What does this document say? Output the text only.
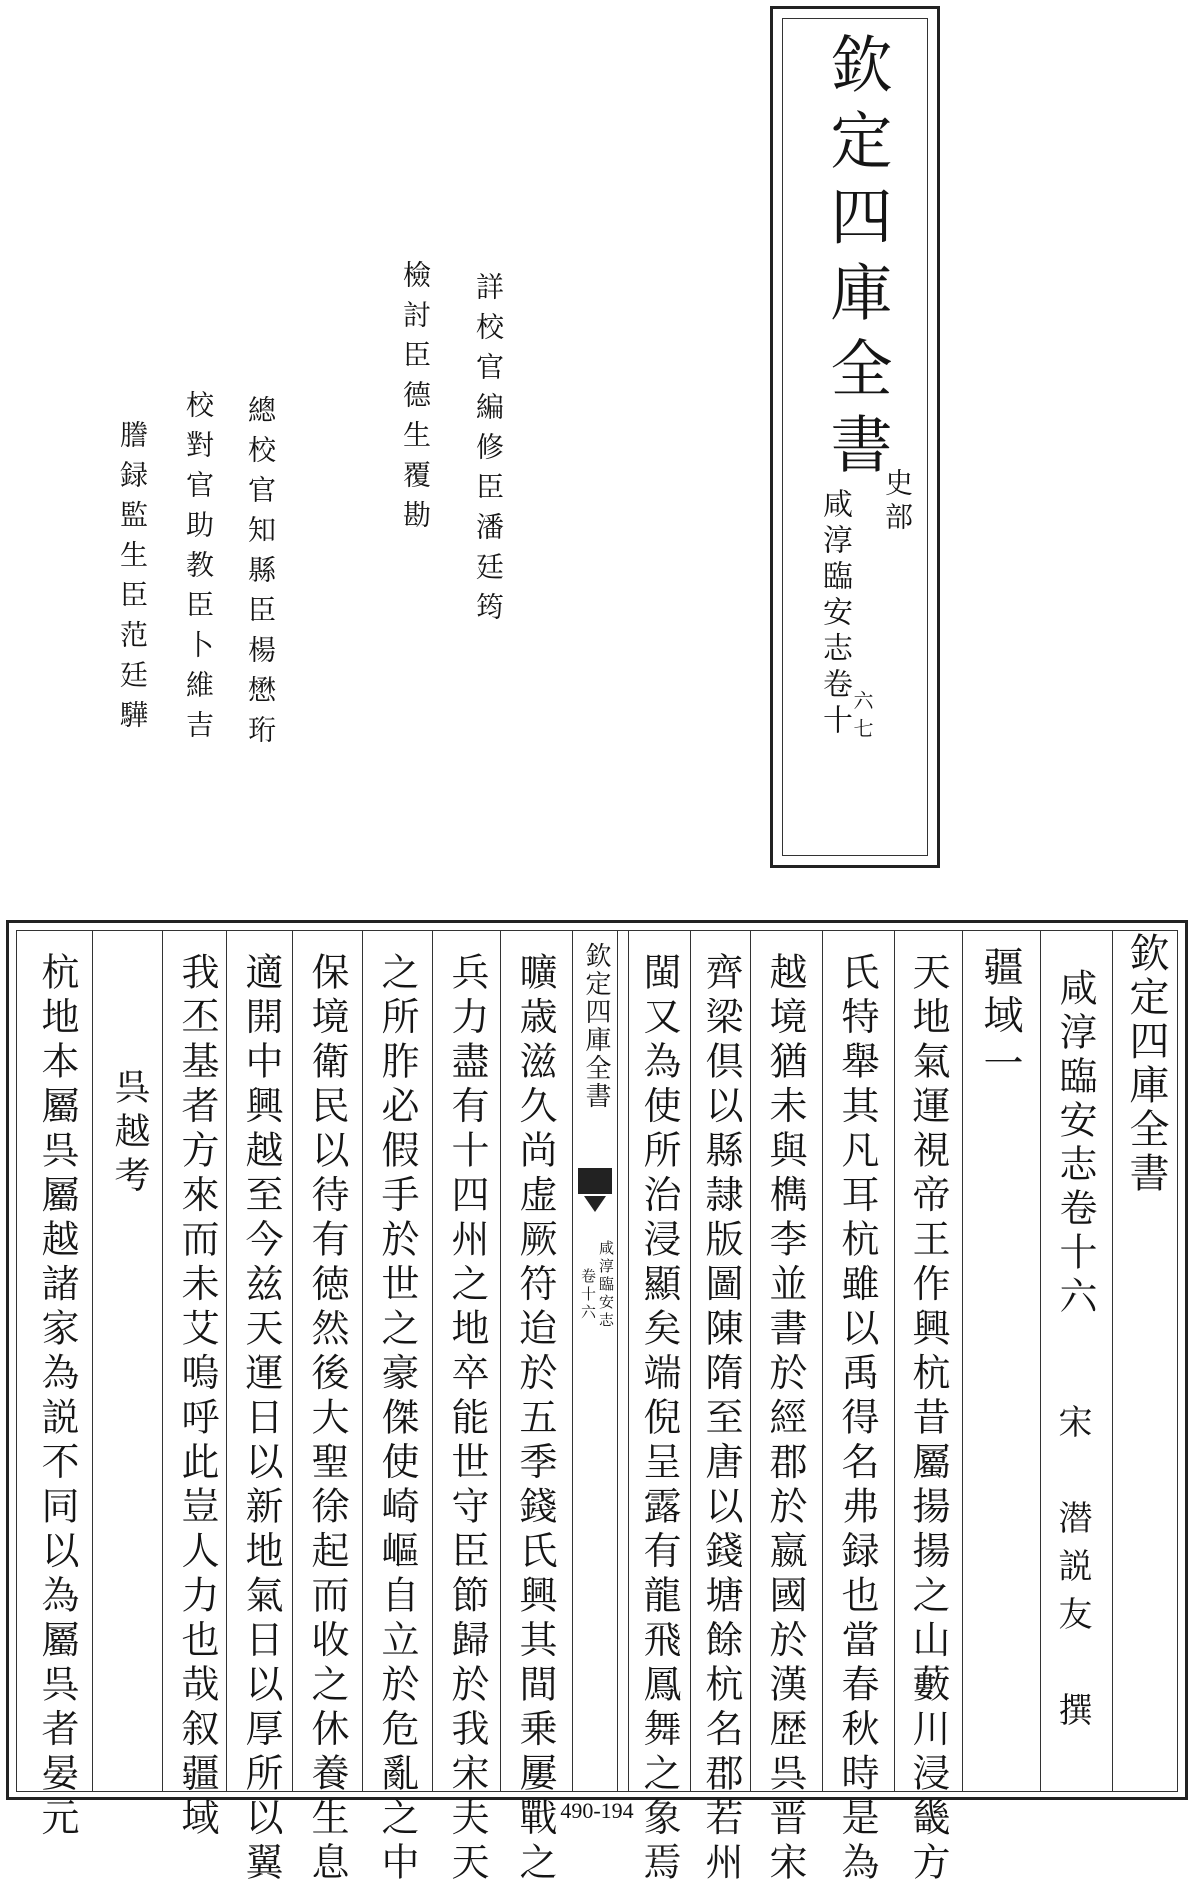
欽定四庫全書
史部
咸淳臨安志卷十
六七
詳校官編修臣潘廷筠
檢討臣德生覆勘
總校官知縣臣楊懋珩
校對官助教臣卜維吉
謄録監生臣范廷驊
欽定四庫全書
咸淳臨安志卷十六
宋　潜説友　撰
疆域一
天地氣運視帝王作興杭昔屬揚揚之山藪川浸畿方
氏特舉其凡耳杭雖以禹得名弗録也當春秋時是為
越境猶未與檇李並書於經郡於嬴國於漢歴呉晋宋
齊梁倶以縣隷版圖陳隋至唐以錢塘餘杭名郡若州
閩又為使所治浸顯矣端倪呈露有龍飛鳳舞之象焉
欽定四庫全書
咸淳臨安志
卷十六
曠歳滋久尚虚厥符迨於五季錢氏興其間乗屢戰之
兵力盡有十四州之地卒能世守臣節歸於我宋夫天
之所胙必假手於世之豪傑使崎嶇自立於危亂之中
保境衛民以待有徳然後大聖徐起而收之休養生息
適開中興越至今兹天運日以新地氣日以厚所以翼
我丕基者方來而未艾嗚呼此豈人力也哉叙疆域
呉越考
杭地本屬呉屬越諸家為説不同以為屬呉者晏元	490-194
